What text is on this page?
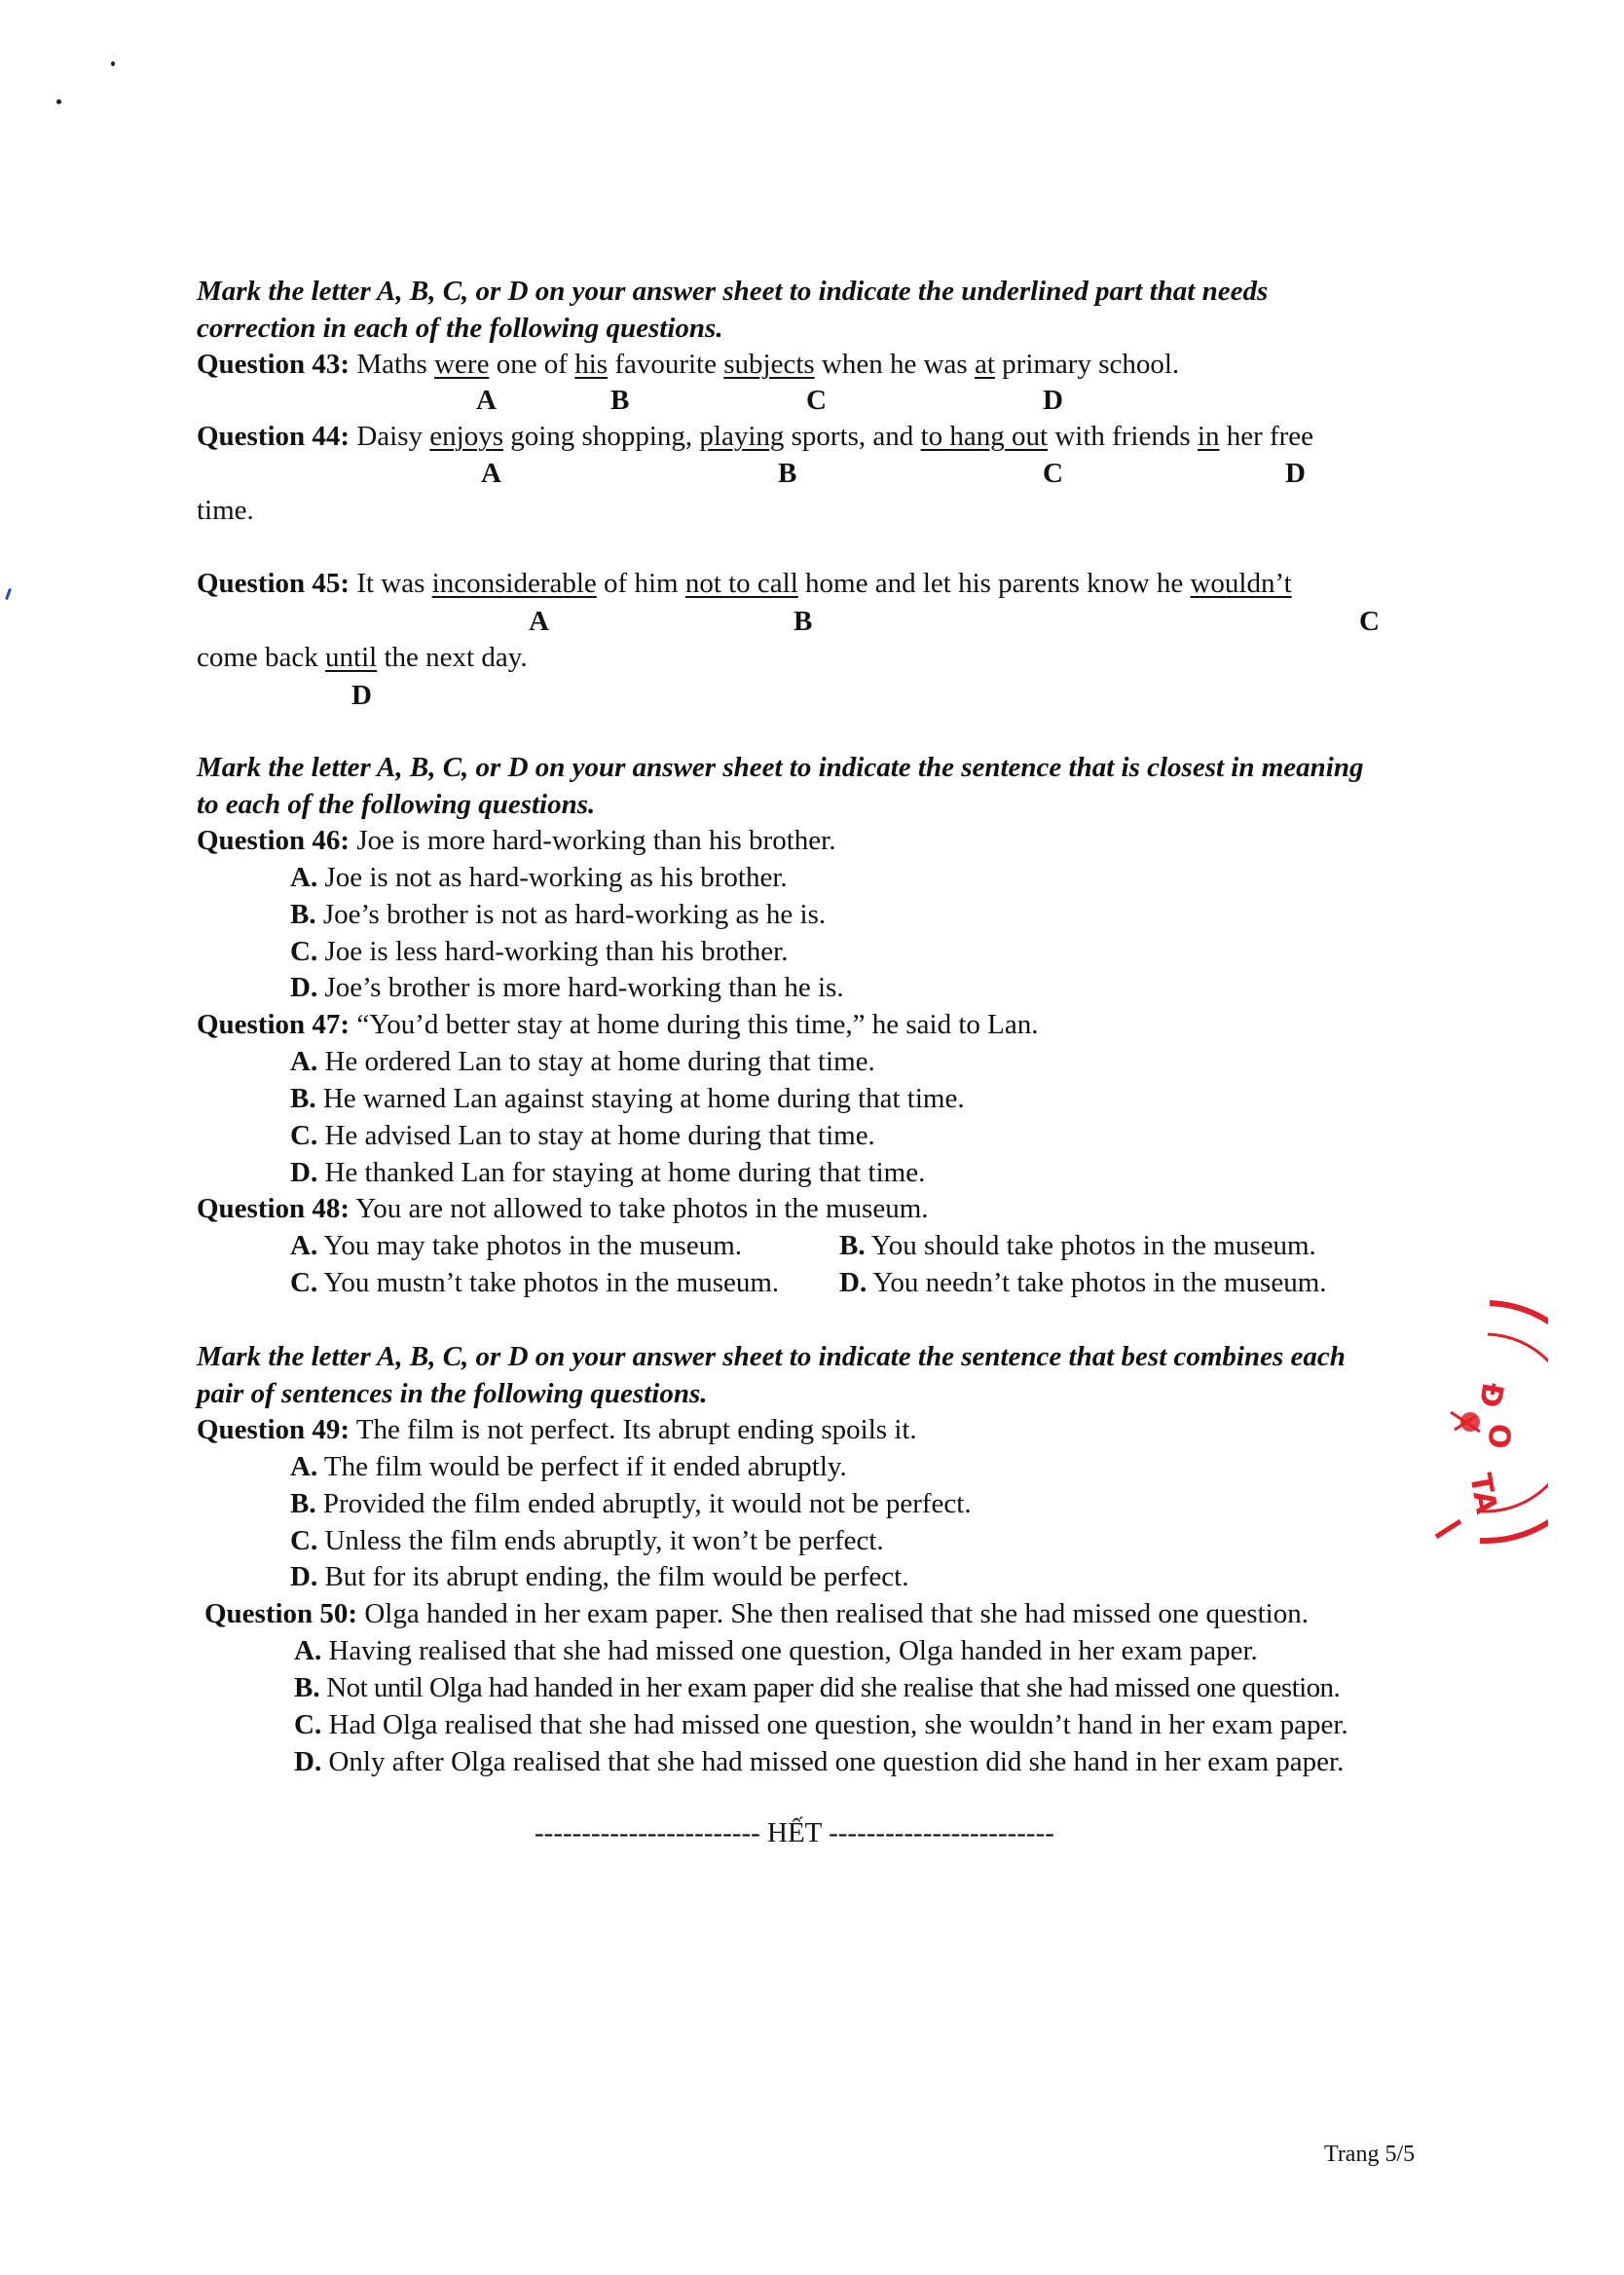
Mark the letter A, B, C, or D on your answer sheet to indicate the underlined part that needs
correction in each of the following questions.
Question 43: Maths were one of his favourite subjects when he was at primary school.
A	B	C	D
Question 44: Daisy enjoys going shopping, playing sports, and to hang out with friends in her free
A	B	C	D
time.
Question 45: It was inconsiderable of him not to call home and let his parents know he wouldn’t
A	B	C
come back until the next day.
D
Mark the letter A, B, C, or D on your answer sheet to indicate the sentence that is closest in meaning
to each of the following questions.
Question 46: Joe is more hard-working than his brother.
A. Joe is not as hard-working as his brother.
B. Joe’s brother is not as hard-working as he is.
C. Joe is less hard-working than his brother.
D. Joe’s brother is more hard-working than he is.
Question 47: “You’d better stay at home during this time,” he said to Lan.
A. He ordered Lan to stay at home during that time.
B. He warned Lan against staying at home during that time.
C. He advised Lan to stay at home during that time.
D. He thanked Lan for staying at home during that time.
Question 48: You are not allowed to take photos in the museum.
A. You may take photos in the museum.	B. You should take photos in the museum.
C. You mustn’t take photos in the museum. D. You needn’t take photos in the museum.
Mark the letter A, B, C, or D on your answer sheet to indicate the sentence that best combines each
pair of sentences in the following questions.
Question 49: The film is not perfect. Its abrupt ending spoils it.
A. The film would be perfect if it ended abruptly.
B. Provided the film ended abruptly, it would not be perfect.
C. Unless the film ends abruptly, it won’t be perfect.
D. But for its abrupt ending, the film would be perfect.
Question 50: Olga handed in her exam paper. She then realised that she had missed one question.
A. Having realised that she had missed one question, Olga handed in her exam paper.
B. Not until Olga had handed in her exam paper did she realise that she had missed one question.
C. Had Olga realised that she had missed one question, she wouldn’t hand in her exam paper.
D. Only after Olga realised that she had missed one question did she hand in her exam paper.
------------------------ HẾT ------------------------
Trang 5/5
Đ
O
TA
